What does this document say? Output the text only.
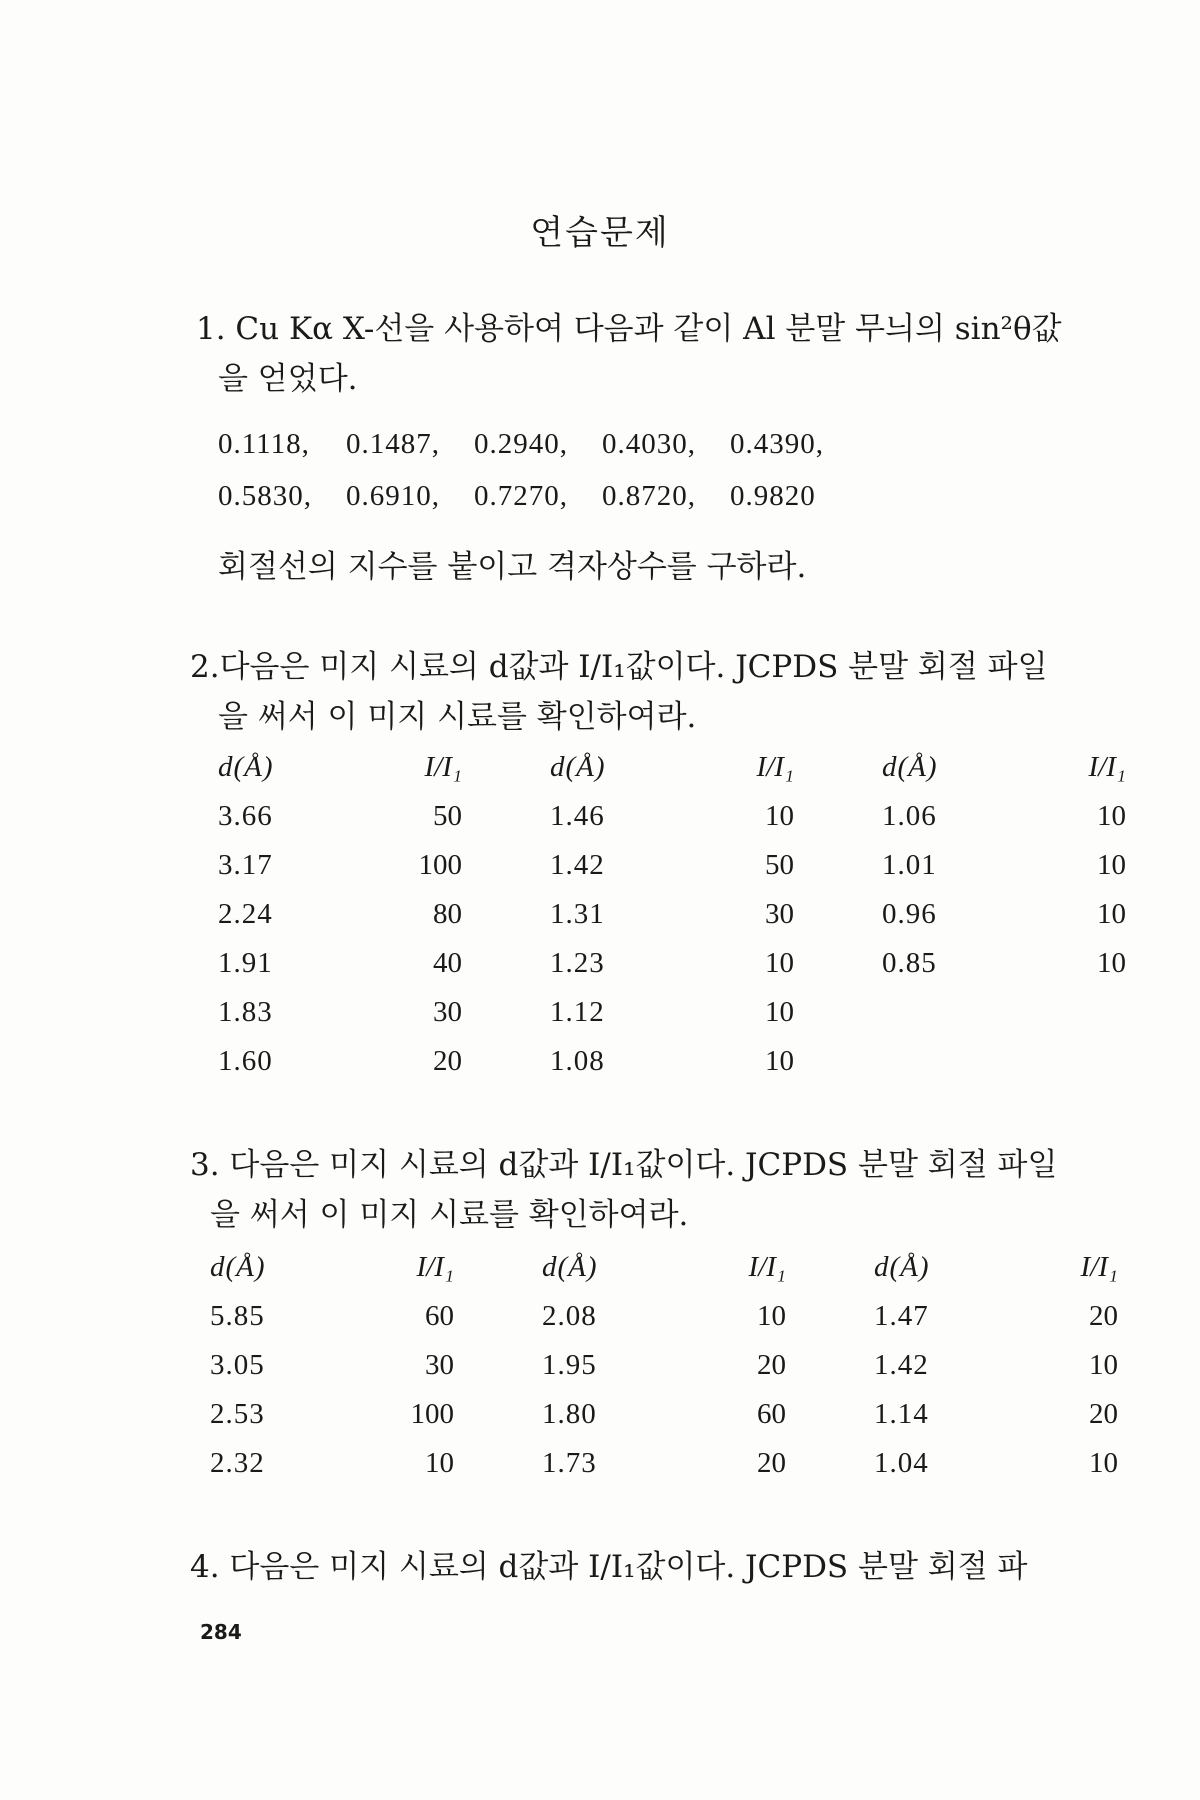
연습문제
1. Cu Kα X-선을 사용하여 다음과 같이 Al 분말 무늬의 sin²θ값
을 얻었다.
0.1118, 0.1487, 0.2940, 0.4030, 0.4390,
0.5830, 0.6910, 0.7270, 0.8720, 0.9820
회절선의 지수를 붙이고 격자상수를 구하라.
2.다음은 미지 시료의 d값과 I/I₁값이다. JCPDS 분말 회절 파일
을 써서 이 미지 시료를 확인하여라.
d(Å)	I/I₁		d(Å)	I/I₁		d(Å)	I/I₁
3.66	50		1.46	10		1.06	10
3.17	100		1.42	50		1.01	10
2.24	80		1.31	30		0.96	10
1.91	40		1.23	10		0.85	10
1.83	30		1.12	10			
1.60	20		1.08	10			
3. 다음은 미지 시료의 d값과 I/I₁값이다. JCPDS 분말 회절 파일
을 써서 이 미지 시료를 확인하여라.
d(Å)	I/I₁		d(Å)	I/I₁		d(Å)	I/I₁
5.85	60		2.08	10		1.47	20
3.05	30		1.95	20		1.42	10
2.53	100		1.80	60		1.14	20
2.32	10		1.73	20		1.04	10
4. 다음은 미지 시료의 d값과 I/I₁값이다. JCPDS 분말 회절 파
284
